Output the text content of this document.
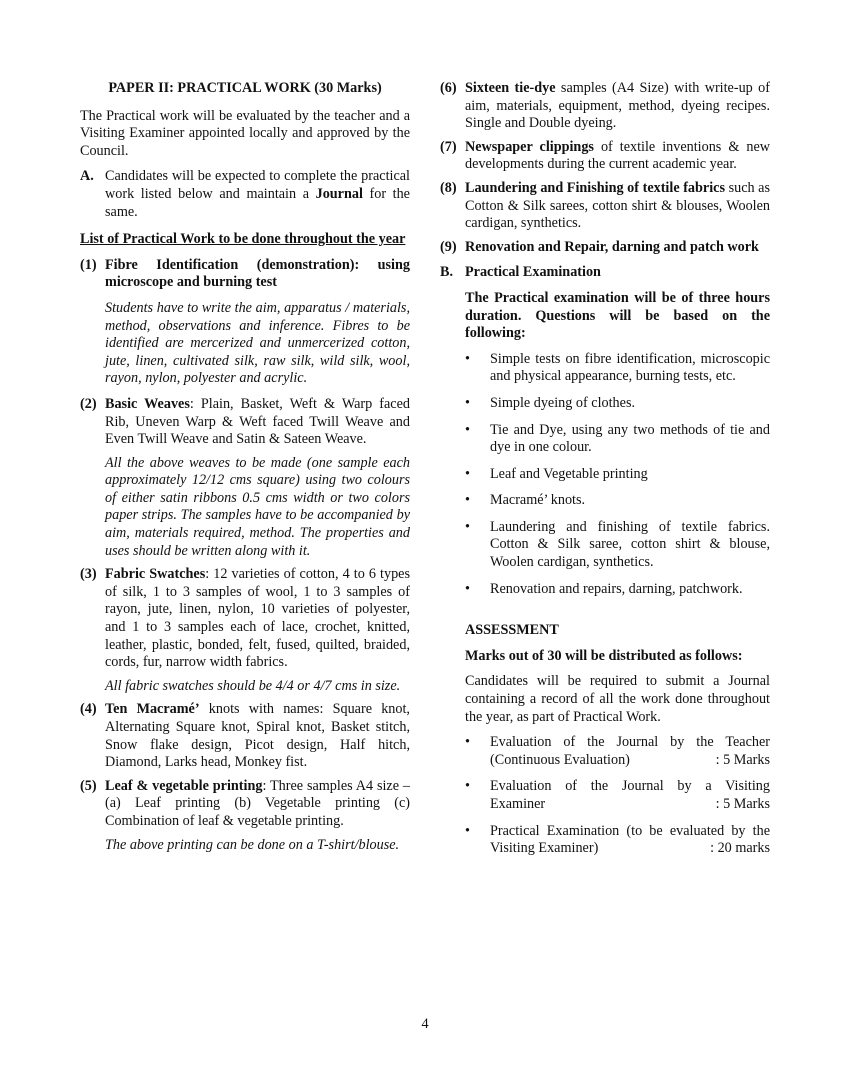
PAPER II: PRACTICAL WORK (30 Marks)

The Practical work will be evaluated by the teacher and a Visiting Examiner appointed locally and approved by the Council.

A. Candidates will be expected to complete the practical work listed below and maintain a Journal for the same.

List of Practical Work to be done throughout the year

(1) Fibre Identification (demonstration): using microscope and burning test

Students have to write the aim, apparatus / materials, method, observations and inference. Fibres to be identified are mercerized and unmercerized cotton, jute, linen, cultivated silk, raw silk, wild silk, wool, rayon, nylon, polyester and acrylic.

(2) Basic Weaves: Plain, Basket, Weft & Warp faced Rib, Uneven Warp & Weft faced Twill Weave and Even Twill Weave and Satin & Sateen Weave.

All the above weaves to be made (one sample each approximately 12/12 cms square) using two colours of either satin ribbons 0.5 cms width or two colors paper strips. The samples have to be accompanied by aim, materials required, method. The properties and uses should be written along with it.

(3) Fabric Swatches: 12 varieties of cotton, 4 to 6 types of silk, 1 to 3 samples of wool, 1 to 3 samples of rayon, jute, linen, nylon, 10 varieties of polyester, and 1 to 3 samples each of lace, crochet, knitted, leather, plastic, bonded, felt, fused, quilted, braided, cords, fur, narrow width fabrics.

All fabric swatches should be 4/4 or 4/7 cms in size.

(4) Ten Macramé’ knots with names: Square knot, Alternating Square knot, Spiral knot, Basket stitch, Snow flake design, Picot design, Half hitch, Diamond, Larks head, Monkey fist.
(5) Leaf & vegetable printing: Three samples A4 size – (a) Leaf printing (b) Vegetable printing (c) Combination of leaf & vegetable printing.

The above printing can be done on a T-shirt/blouse.

(6) Sixteen tie-dye samples (A4 Size) with write-up of aim, materials, equipment, method, dyeing recipes. Single and Double dyeing.
(7) Newspaper clippings of textile inventions & new developments during the current academic year.
(8) Laundering and Finishing of textile fabrics such as Cotton & Silk sarees, cotton shirt & blouses, Woolen cardigan, synthetics.
(9) Renovation and Repair, darning and patch work
B. Practical Examination

The Practical examination will be of three hours duration. Questions will be based on the following:

•	Simple tests on fibre identification, microscopic and physical appearance, burning tests, etc.
•	Simple dyeing of clothes.
•	Tie and Dye, using any two methods of tie and dye in one colour.
•	Leaf and Vegetable printing
•	Macramé’ knots.
•	Laundering and finishing of textile fabrics. Cotton & Silk saree, cotton shirt & blouse, Woolen cardigan, synthetics.
•	Renovation and repairs, darning, patchwork.

ASSESSMENT

Marks out of 30 will be distributed as follows:

Candidates will be required to submit a Journal containing a record of all the work done throughout the year, as part of Practical Work.

•	Evaluation of the Journal by the Teacher
(Continuous Evaluation)	: 5 Marks
•	Evaluation of the Journal by a Visiting
Examiner	: 5 Marks
•	Practical Examination (to be evaluated by the
Visiting Examiner)	: 20 marks
4
